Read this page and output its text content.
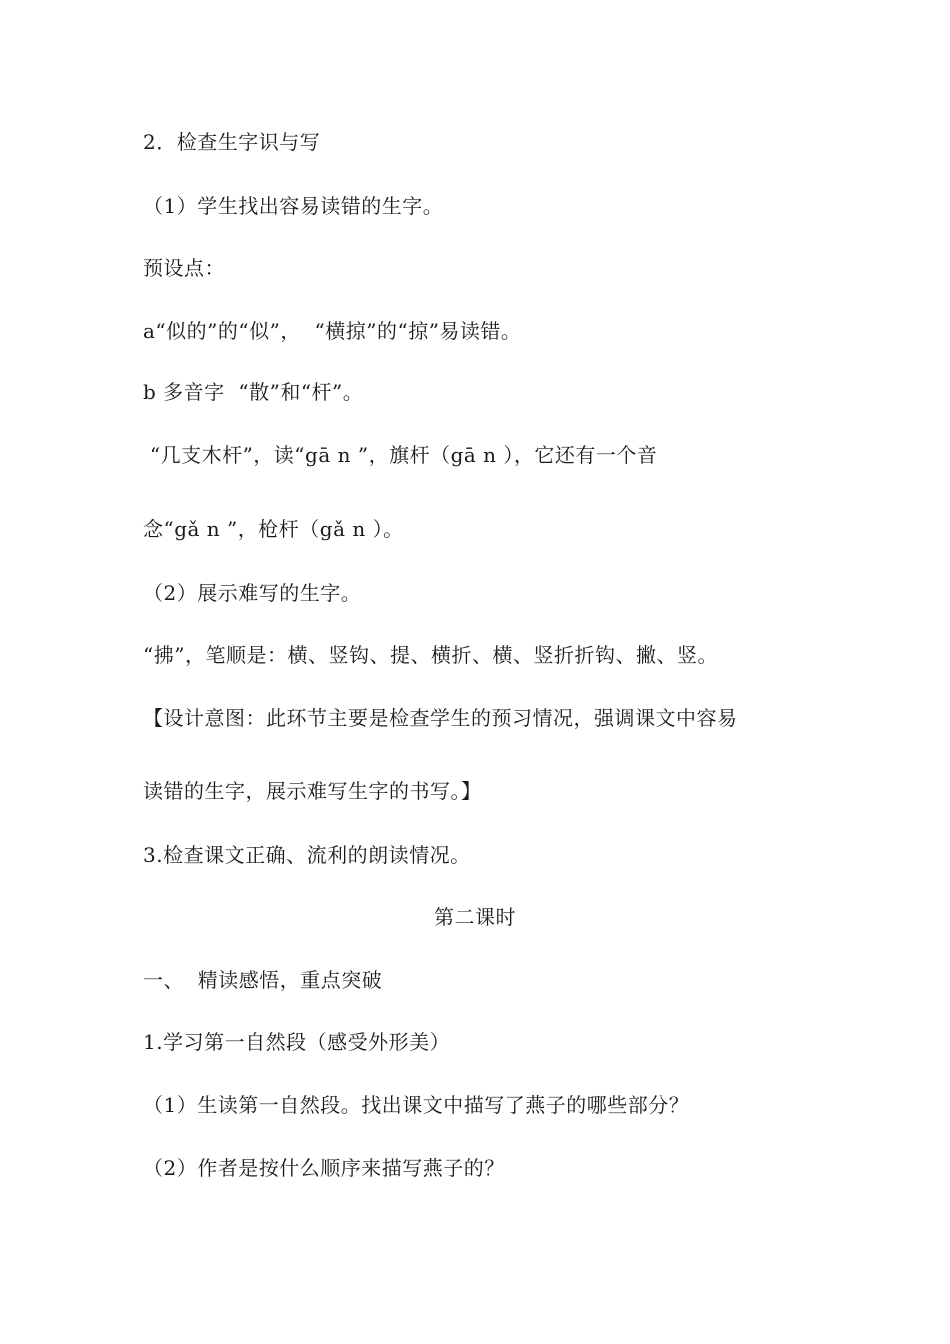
2．检查生字识与写
（1）学生找出容易读错的生字。
预设点：
a“似的”的“似”，  “横掠”的“掠”易读错。
b 多音字  “散”和“杆”。
“几支木杆”，读“gā n ”，旗杆（gā n ），它还有一个音
念“gǎ n ”，枪杆（gǎ n ）。
（2）展示难写的生字。
“拂”，笔顺是：横、竖钩、提、横折、横、竖折折钩、撇、竖。
【设计意图：此环节主要是检查学生的预习情况，强调课文中容易
读错的生字，展示难写生字的书写。】
3.检查课文正确、流利的朗读情况。
第二课时
一、  精读感悟，重点突破
1.学习第一自然段（感受外形美）
（1）生读第一自然段。找出课文中描写了燕子的哪些部分？
（2）作者是按什么顺序来描写燕子的？
